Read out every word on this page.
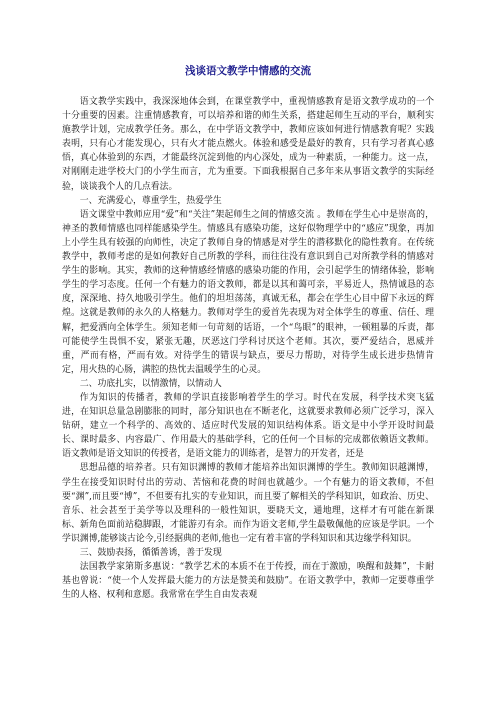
浅谈语文教学中情感的交流

语文教学实践中，我深深地体会到，在课堂教学中，重视情感教育是语文教学成功的一个十分重要的因素。注重情感教育，可以培养和谐的师生关系，搭建起师生互动的平台，顺利实施教学计划，完成教学任务。那么，在中学语文教学中，教师应该如何进行情感教育呢？实践表明，只有心才能发现心，只有火才能点燃火。体验和感受是最好的教育，只有学习者真心感悟，真心体验到的东西，才能最终沉淀到他的内心深处，成为一种素质，一种能力。这一点，对刚刚走进学校大门的小学生而言，尤为重要。下面我根据自己多年来从事语文教学的实际经验，谈谈我个人的几点看法。

一、充满爱心，尊重学生，热爱学生

语文课堂中教师应用“爱”和“关注”架起师生之间的情感交流 。教师在学生心中是崇高的，神圣的教师情感也同样能感染学生。情感具有感染功能，这好似物理学中的“感应”现象，再加上小学生具有较强的向师性，决定了教师自身的情感是对学生的潜移默化的隐性教育。在传统教学中，教师考虑的是如何教好自己所教的学科，而往往没有意识到自己对所教学科的情感对学生的影响。其实，教师的这种情感经情感的感染功能的作用，会引起学生的情绪体验，影响学生的学习态度。任何一个有魅力的语文教师，都是以其和蔼可亲，平易近人，热情诚恳的态度，深深地、持久地吸引学生。他们的坦坦荡荡，真诚无私，都会在学生心目中留下永远的辉煌。这就是教师的永久的人格魅力。教师对学生的爱首先表现为对全体学生的尊重、信任、理解，把爱洒向全体学生。须知老师一句苛刻的话语，一个“鸟眼”的眼神，一顿粗暴的斥责，都可能使学生畏惧不安，紧张无趣，厌恶这门学科讨厌这个老师。其次，要严爱结合，恩威并重，严而有格，严而有效。对待学生的错误与缺点，要尽力帮助，对待学生成长进步热情肯定，用火热的心肠，满腔的热忱去温暖学生的心灵。

二、功底扎实，以情激情，以情动人

作为知识的传播者，教师的学识直接影响着学生的学习。时代在发展，科学技术突飞猛进，在知识总量急剧膨胀的同时，部分知识也在不断老化，这就要求教师必须广泛学习，深入钻研，建立一个科学的、高效的、适应时代发展的知识结构体系。语文是中小学开设时间最长、课时最多、内容最广、作用最大的基础学科，它的任何一个目标的完成都依赖语文教师。语文教师是语文知识的传授者，是语文能力的训练者，是智力的开发者，还是

思想品德的培养者。只有知识渊博的教师才能培养出知识渊博的学生。教师知识越渊博，学生在接受知识时付出的劳动、苦恼和花费的时间也就越少。一个有魅力的语文教师，不但要“渊”,而且要“博”，不但要有扎实的专业知识，而且要了解相关的学科知识，如政治、历史、音乐、社会甚至于美学等以及理科的一般性知识，要晓天文，通地理，这样才有可能在新课标、新角色面前站稳脚跟，才能游刃有余。而作为语文老师,学生最敬佩他的应该是学识。一个学识渊博,能够谈古论今,引经据典的老师,他也一定有着丰富的学科知识和其边缘学科知识。

三、鼓励表扬，循循善诱，善于发现

法国教学家第斯多惠说：“教学艺术的本质不在于传授，而在于激励，唤醒和鼓舞”，卡耐基也曾说：“使一个人发挥最大能力的方法是赞美和鼓励”。在语文教学中，教师一定要尊重学生的人格、权利和意愿。我常常在学生自由发表观
